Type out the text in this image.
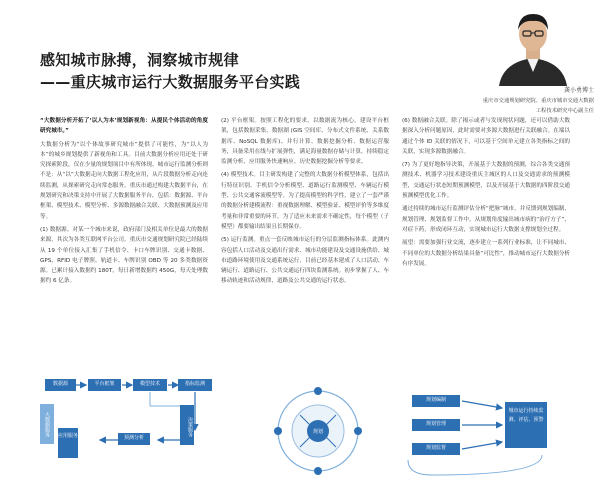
感知城市脉搏，洞察城市规律
——重庆城市运行大数据服务平台实践	龚小勇博士
重庆市交通规划研究院、重庆市城市交通大数据
工程技术研究中心副主任

“大数据分析开拓了‘以人为本’规划新视角：从提民个体活动的角度研究城市。”

大数据分析为“以个体故事研究城市”提供了可能性，为“以人为本”的城乡规划提供了新视角和工具。目前大数据分析应用还处于研究探索阶段，仅在少量的规划项目中有所体现。城市运行监测分析则不是：从“以”大数据走向大数据工程化应用，从片段数据分析走向连续监测，从探索研究走向常态服务。重庆市通过构建大数据平台，在规划研究和决策支持中开展了大数据服务平台，包括：数据源、平台框架、模型技术、模型分析、多源数据融合关联、大数据预测及应用等。

(1) 数据源。对某一个城市来说，政府部门及相关单位是最大的数据来源，其次为各类互联网平台公司。重庆市交通规划研究院已经陆续从 19 个单位接入汇集了手机信令、卡口车牌识别、交通卡数据、GPS、RFID 电子牌照、轨道卡、车牌识别 OBD 等 20 多类数据资源。已累计接入数据约 180T，每日新增数据约 450G，每天处理数据约 6 亿条。

(2) 平台框架。按照工程化的要求，以数据流为核心，建设平台框架，包括数据采集、数据湖 (GIS 空间库、分布式文件系统、关系数据库、NoSQL 数据库)、并行计算、数据挖掘分析、数据运营服务，具备采用在线与扩展弹性，满足海量数据存储与计算，持续稳定监测分析、应用服务快速响应、历史数据挖掘分析等要求。

(4) 模型技术。目主研发构建了完整的大数据分析模型体系，包括出行特征识别、手机信令分析模型、道路运行监测模型、车辆运行模型、公共交通客流模型等。为了提高模型的科学性，建立了一套严谨的数据分析建模流程：重视数据理解、模型验证、模型评价等多维度考量和非常重要的环节。为了适应未来需求不确定性，每个模型（子模型）都要输出结果且长期保存。

(5) 运行监测。重点一套反映城市运行的分层监测指标体系。此测内容包括人口活动及交通出行需求、城市功能建设及交通设施供给、城市道路环境使用及交通系统运行，目前已经基本建成了人口活动、车辆运行、道路运行、公共交通运行四块监测系统。初步掌握了人、车移动轨迹和活动规律，道路及公共交通的运行状态。

(6) 数据融合关联。除了揭示或者与发现现状问题，还可以借助大数据深入分析问题原因，此时需要对多源大数据进行关联融合。在端以通过个体 ID 关联的情况下，可以基于空间单元建立各类指标之间的关联，实现多源数据融合。

(7) 为了更好地指导决策，开展基于大数据的预测，综合各类交通预测技术、机器学习技术建设重庆主城区的人口及交通需求的预测模型，交通运行状态短期预测模型，以及开展基于大数据的四阶段交通预测模型优化工作。

通过持续的城市运行监测评估分析“把脉”城市，并反馈到规划编制、规划管理、规划监督工作中，从规划角度输出城市病的“治疗方子”，对症下药，形成闭环互动，实现城市运行大数据支撑规划全过程。

展望：需要加强行业交流，逐步建立一系列行业标准，让不同城市、不同单位的大数据分析结果具备“可比性”，推动城市运行大数据分析有序发展。

数据源	平台框架	模型技术	指标监测
应用服务	预测分析
决策服务
大数据服务	规划
规划编制
规划管理
规划监督
城市运行持续监测、评估、预警
